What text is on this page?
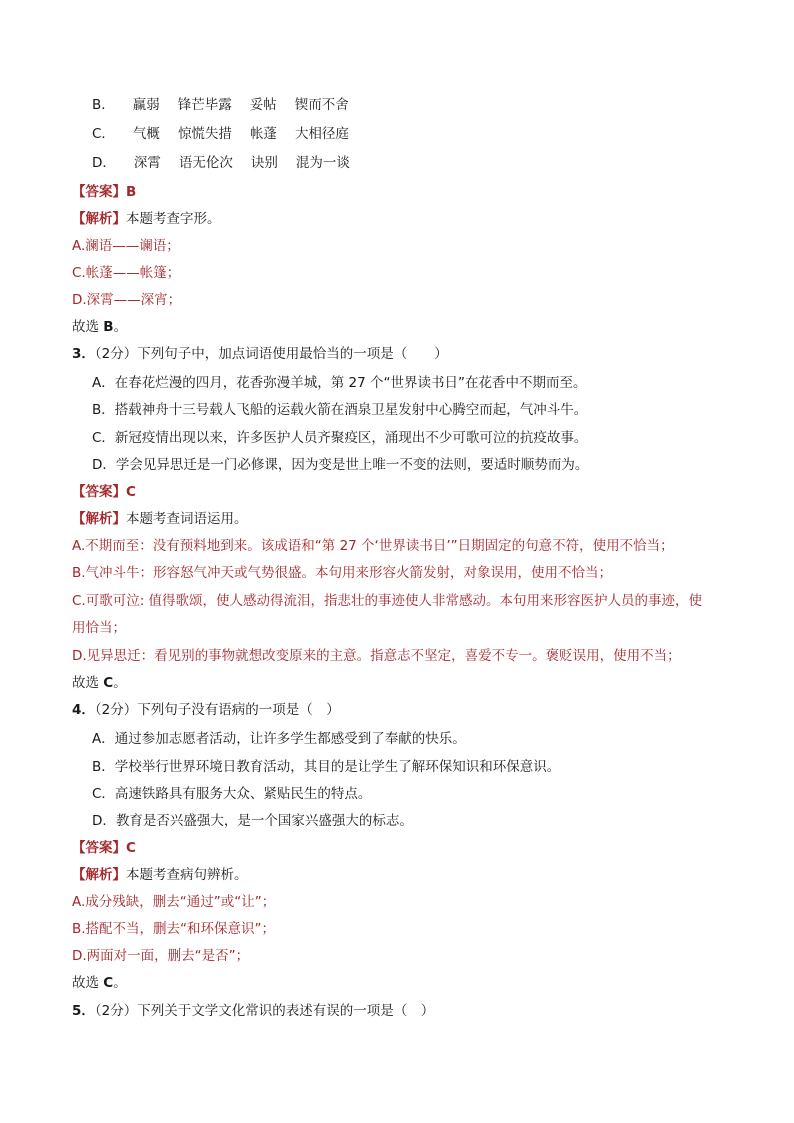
B． 赢弱 锋芒毕露 妥帖 锲而不舍
C． 气概 惊慌失措 帐蓬 大相径庭
D． 深霄 语无伦次 诀别 混为一谈
【答案】B
【解析】本题考查字形。
A.澜语——谰语；
C.帐蓬——帐篷；
D.深霄——深宵；
故选 B。
3．（2分）下列句子中，加点词语使用最恰当的一项是（　　）
A．在春花烂漫的四月，花香弥漫羊城，第 27 个“世界读书日”在花香中不期而至。
B．搭载神舟十三号载人飞船的运载火箭在酒泉卫星发射中心腾空而起，气冲斗牛。
C．新冠疫情出现以来，许多医护人员齐聚疫区，涌现出不少可歌可泣的抗疫故事。
D．学会见异思迁是一门必修课，因为变是世上唯一不变的法则，要适时顺势而为。
【答案】C
【解析】本题考查词语运用。
A.不期而至：没有预料地到来。该成语和“第 27 个‘世界读书日’”日期固定的句意不符，使用不恰当；
B.气冲斗牛：形容怒气冲天或气势很盛。本句用来形容火箭发射，对象误用，使用不恰当；
C.可歌可泣: 值得歌颂，使人感动得流泪，指悲壮的事迹使人非常感动。本句用来形容医护人员的事迹，使
用恰当；
D.见异思迁：看见别的事物就想改变原来的主意。指意志不坚定，喜爱不专一。褒贬误用，使用不当；
故选 C。
4．（2分）下列句子没有语病的一项是（　）
A．通过参加志愿者活动，让许多学生都感受到了奉献的快乐。
B．学校举行世界环境日教育活动，其目的是让学生了解环保知识和环保意识。
C．高速铁路具有服务大众、紧贴民生的特点。
D．教育是否兴盛强大，是一个国家兴盛强大的标志。
【答案】C
【解析】本题考查病句辨析。
A.成分残缺，删去“通过”或“让”；
B.搭配不当，删去“和环保意识”；
D.两面对一面，删去“是否”；
故选 C。
5．（2分）下列关于文学文化常识的表述有误的一项是（　）
